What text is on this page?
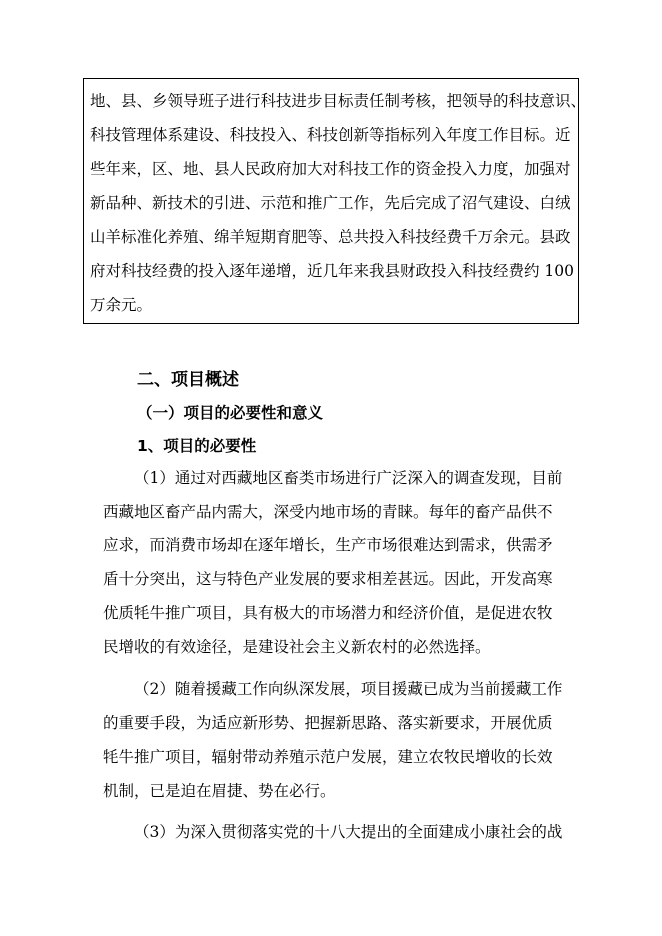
地、县、乡领导班子进行科技进步目标责任制考核，把领导的科技意识、
科技管理体系建设、科技投入、科技创新等指标列入年度工作目标。近
些年来，区、地、县人民政府加大对科技工作的资金投入力度，加强对
新品种、新技术的引进、示范和推广工作，先后完成了沼气建设、白绒
山羊标准化养殖、绵羊短期育肥等、总共投入科技经费千万余元。县政
府对科技经费的投入逐年递增，近几年来我县财政投入科技经费约 100
万余元。
二、项目概述
（一）项目的必要性和意义
1、项目的必要性
（1）通过对西藏地区畜类市场进行广泛深入的调查发现，目前
西藏地区畜产品内需大，深受内地市场的青睐。每年的畜产品供不
应求，而消费市场却在逐年增长，生产市场很难达到需求，供需矛
盾十分突出，这与特色产业发展的要求相差甚远。因此，开发高寒
优质牦牛推广项目，具有极大的市场潜力和经济价值，是促进农牧
民增收的有效途径，是建设社会主义新农村的必然选择。
（2）随着援藏工作向纵深发展，项目援藏已成为当前援藏工作
的重要手段，为适应新形势、把握新思路、落实新要求，开展优质
牦牛推广项目，辐射带动养殖示范户发展，建立农牧民增收的长效
机制，已是迫在眉捷、势在必行。
（3）为深入贯彻落实党的十八大提出的全面建成小康社会的战
